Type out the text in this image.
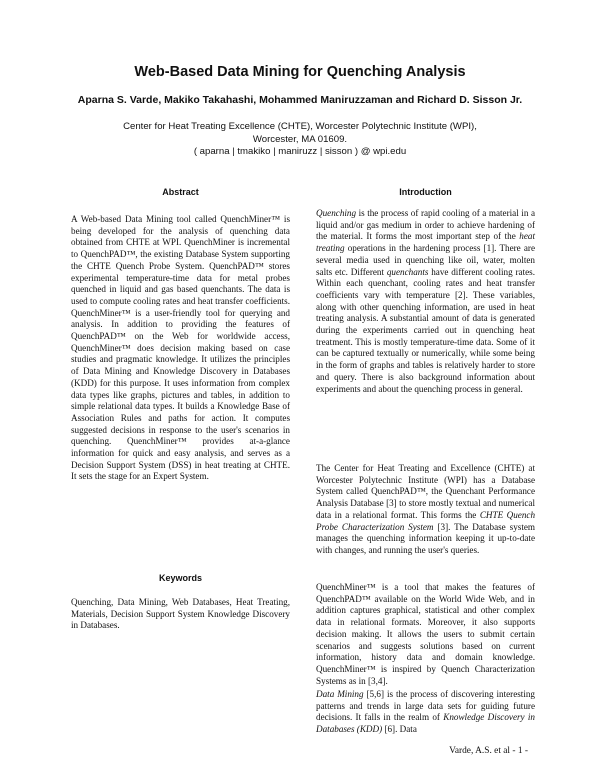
Web-Based Data Mining for Quenching Analysis
Aparna S. Varde, Makiko Takahashi, Mohammed Maniruzzaman and Richard D. Sisson Jr.
Center for Heat Treating Excellence (CHTE), Worcester Polytechnic Institute (WPI),
Worcester, MA 01609.
( aparna | tmakiko | maniruzz | sisson ) @ wpi.edu

Abstract

A Web-based Data Mining tool called QuenchMiner™ is being developed for the analysis of quenching data obtained from CHTE at WPI. QuenchMiner is incremental to QuenchPAD™, the existing Database System supporting the CHTE Quench Probe System. QuenchPAD™ stores experimental temperature-time data for metal probes quenched in liquid and gas based quenchants. The data is used to compute cooling rates and heat transfer coefficients. QuenchMiner™ is a user-friendly tool for querying and analysis. In addition to providing the features of QuenchPAD™ on the Web for worldwide access, QuenchMiner™ does decision making based on case studies and pragmatic knowledge. It utilizes the principles of Data Mining and Knowledge Discovery in Databases (KDD) for this purpose. It uses information from complex data types like graphs, pictures and tables, in addition to simple relational data types. It builds a Knowledge Base of Association Rules and paths for action. It computes suggested decisions in response to the user's scenarios in quenching. QuenchMiner™ provides at-a-glance information for quick and easy analysis, and serves as a Decision Support System (DSS) in heat treating at CHTE. It sets the stage for an Expert System.

Keywords

Quenching, Data Mining, Web Databases, Heat Treating, Materials, Decision Support System Knowledge Discovery in Databases.

Introduction

Quenching is the process of rapid cooling of a material in a liquid and/or gas medium in order to achieve hardening of the material. It forms the most important step of the heat treating operations in the hardening process [1]. There are several media used in quenching like oil, water, molten salts etc. Different quenchants have different cooling rates. Within each quenchant, cooling rates and heat transfer coefficients vary with temperature [2]. These variables, along with other quenching information, are used in heat treating analysis. A substantial amount of data is generated during the experiments carried out in quenching heat treatment. This is mostly temperature-time data. Some of it can be captured textually or numerically, while some being in the form of graphs and tables is relatively harder to store and query. There is also background information about experiments and about the quenching process in general.

The Center for Heat Treating and Excellence (CHTE) at Worcester Polytechnic Institute (WPI) has a Database System called QuenchPAD™, the Quenchant Performance Analysis Database [3] to store mostly textual and numerical data in a relational format. This forms the CHTE Quench Probe Characterization System [3]. The Database system manages the quenching information keeping it up-to-date with changes, and running the user's queries.

QuenchMiner™ is a tool that makes the features of QuenchPAD™ available on the World Wide Web, and in addition captures graphical, statistical and other complex data in relational formats. Moreover, it also supports decision making. It allows the users to submit certain scenarios and suggests solutions based on current information, history data and domain knowledge. QuenchMiner™ is inspired by Quench Characterization Systems as in [3,4].

Data Mining [5,6] is the process of discovering interesting patterns and trends in large data sets for guiding future decisions. It falls in the realm of Knowledge Discovery in Databases (KDD) [6]. Data

Varde, A.S. et al - 1 -
